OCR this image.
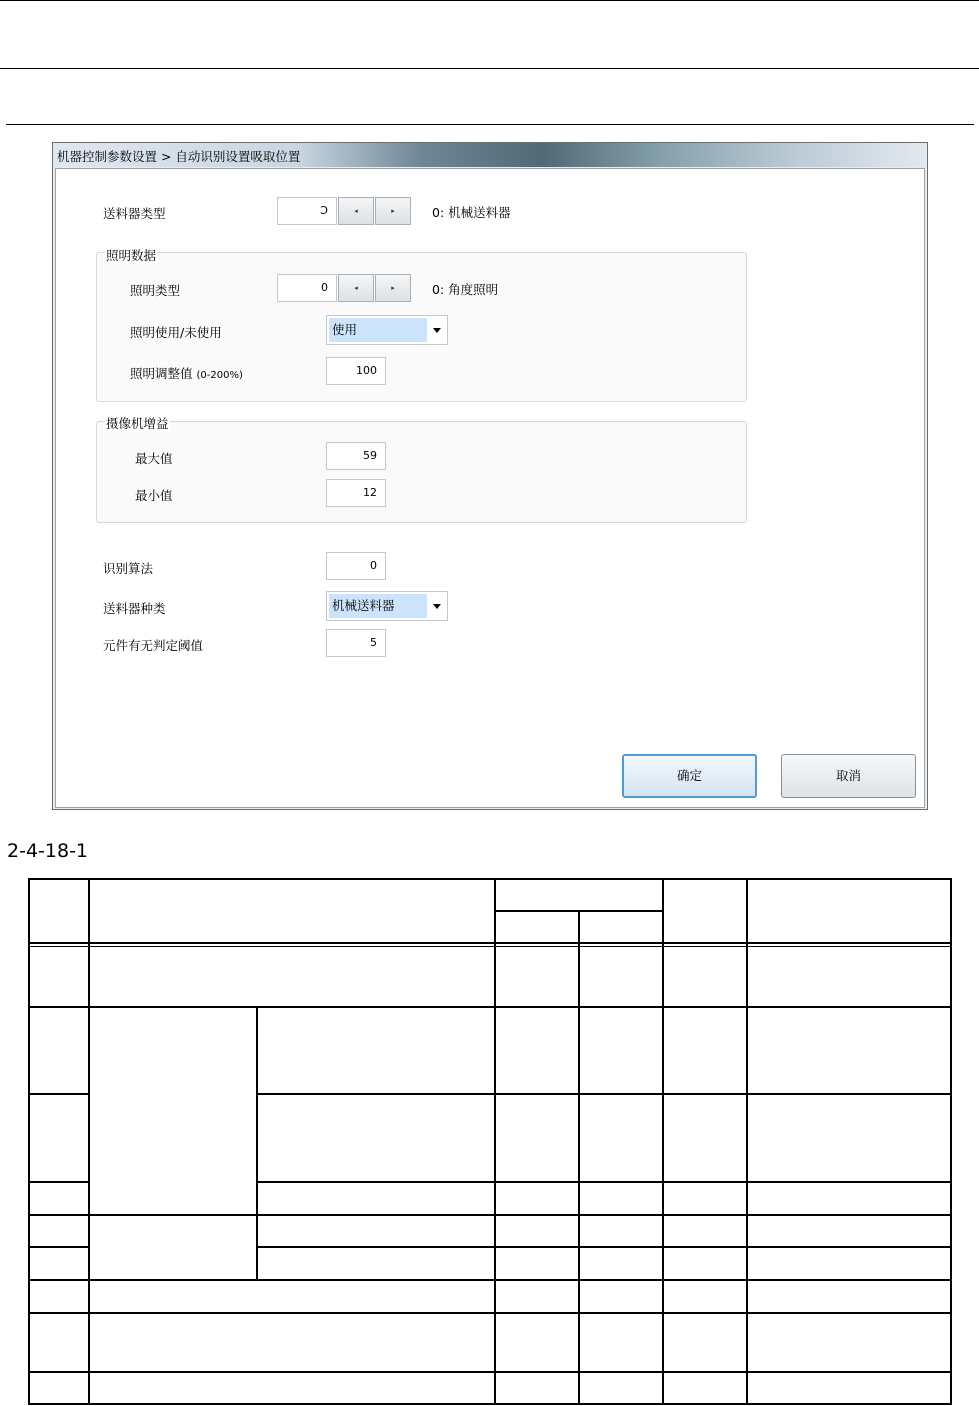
机器控制参数设置 > 自动识别设置吸取位置
送料器类型	Ↄ	◂	▸	0: 机械送料器
照明数据
照明类型	0	◂	▸	0: 角度照明
照明使用/未使用	使用
照明调整值 (0-200%)	100
摄像机增益
最大值	59
最小值	12
识别算法	0
送料器种类	机械送料器
元件有无判定阈值	5
确定	取消
2-4-18-1
